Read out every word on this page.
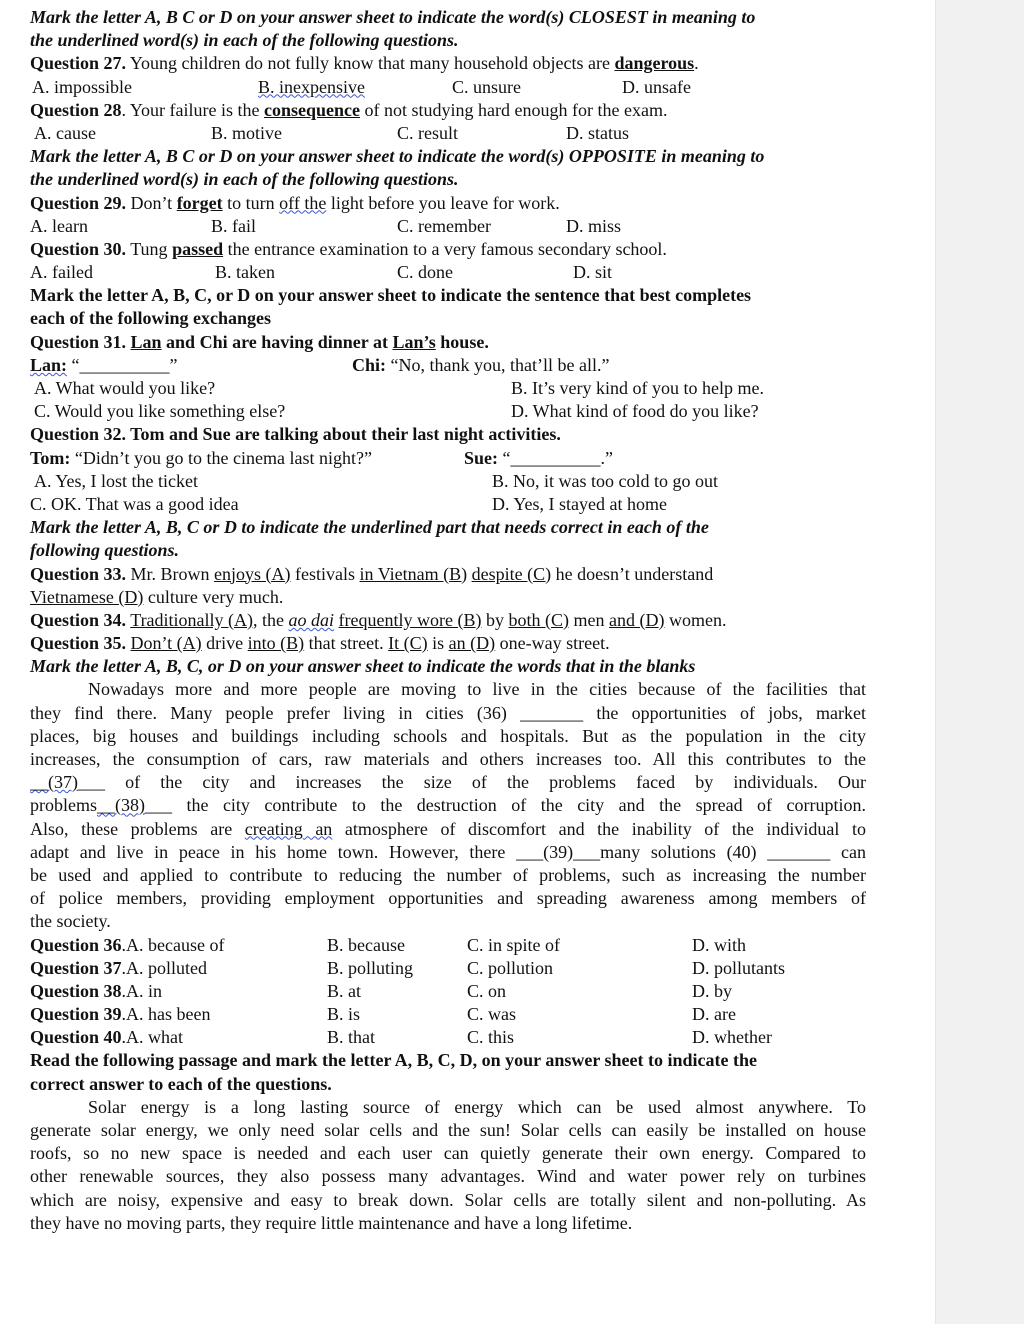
Mark the letter A, B C or D on your answer sheet to indicate the word(s) CLOSEST in meaning to
the underlined word(s) in each of the following questions.
Question 27. Young children do not fully know that many household objects are dangerous.
A. impossible	B. inexpensive	C. unsure	D. unsafe
Question 28. Your failure is the consequence of not studying hard enough for the exam.
A. cause	B. motive	C. result	D. status
Mark the letter A, B C or D on your answer sheet to indicate the word(s) OPPOSITE in meaning to
the underlined word(s) in each of the following questions.
Question 29. Don’t forget to turn off the light before you leave for work.
A. learn	B. fail	C. remember	D. miss
Question 30. Tung passed the entrance examination to a very famous secondary school.
A. failed	B. taken	C. done	D. sit
Mark the letter A, B, C, or D on your answer sheet to indicate the sentence that best completes
each of the following exchanges
Question 31. Lan and Chi are having dinner at Lan’s house.
Lan: “__________”	Chi: “No, thank you, that’ll be all.”
A. What would you like?	B. It’s very kind of you to help me.
C. Would you like something else?	D. What kind of food do you like?
Question 32. Tom and Sue are talking about their last night activities.
Tom: “Didn’t you go to the cinema last night?”	Sue: “__________.”
A. Yes, I lost the ticket	B. No, it was too cold to go out
C. OK. That was a good idea	D. Yes, I stayed at home
Mark the letter A, B, C or D to indicate the underlined part that needs correct in each of the
following questions.
Question 33. Mr. Brown enjoys (A) festivals in Vietnam (B) despite (C) he doesn’t understand
Vietnamese (D) culture very much.
Question 34. Traditionally (A), the ao dai frequently wore (B) by both (C) men and (D) women.
Question 35. Don’t (A) drive into (B) that street. It (C) is an (D) one-way street.
Mark the letter A, B, C, or D on your answer sheet to indicate the words that in the blanks
Nowadays more and more people are moving to live in the cities because of the facilities that
they find there. Many people prefer living in cities (36) _______ the opportunities of jobs, market
places, big houses and buildings including schools and hospitals. But as the population in the city
increases, the consumption of cars, raw materials and others increases too. All this contributes to the
__(37)___ of the city and increases the size of the problems faced by individuals. Our
problems__(38)___ the city contribute to the destruction of the city and the spread of corruption.
Also, these problems are creating an atmosphere of discomfort and the inability of the individual to
adapt and live in peace in his home town. However, there ___(39)___many solutions (40) _______ can
be used and applied to contribute to reducing the number of problems, such as increasing the number
of police members, providing employment opportunities and spreading awareness among members of
the society.
Question 36.A. because of	B. because	C. in spite of	D. with
Question 37.A. polluted	B. polluting	C. pollution	D. pollutants
Question 38.A. in	B. at	C. on	D. by
Question 39.A. has been	B. is	C. was	D. are
Question 40.A. what	B. that	C. this	D. whether
Read the following passage and mark the letter A, B, C, D, on your answer sheet to indicate the
correct answer to each of the questions.
Solar energy is a long lasting source of energy which can be used almost anywhere. To
generate solar energy, we only need solar cells and the sun! Solar cells can easily be installed on house
roofs, so no new space is needed and each user can quietly generate their own energy. Compared to
other renewable sources, they also possess many advantages. Wind and water power rely on turbines
which are noisy, expensive and easy to break down. Solar cells are totally silent and non-polluting. As
they have no moving parts, they require little maintenance and have a long lifetime.
